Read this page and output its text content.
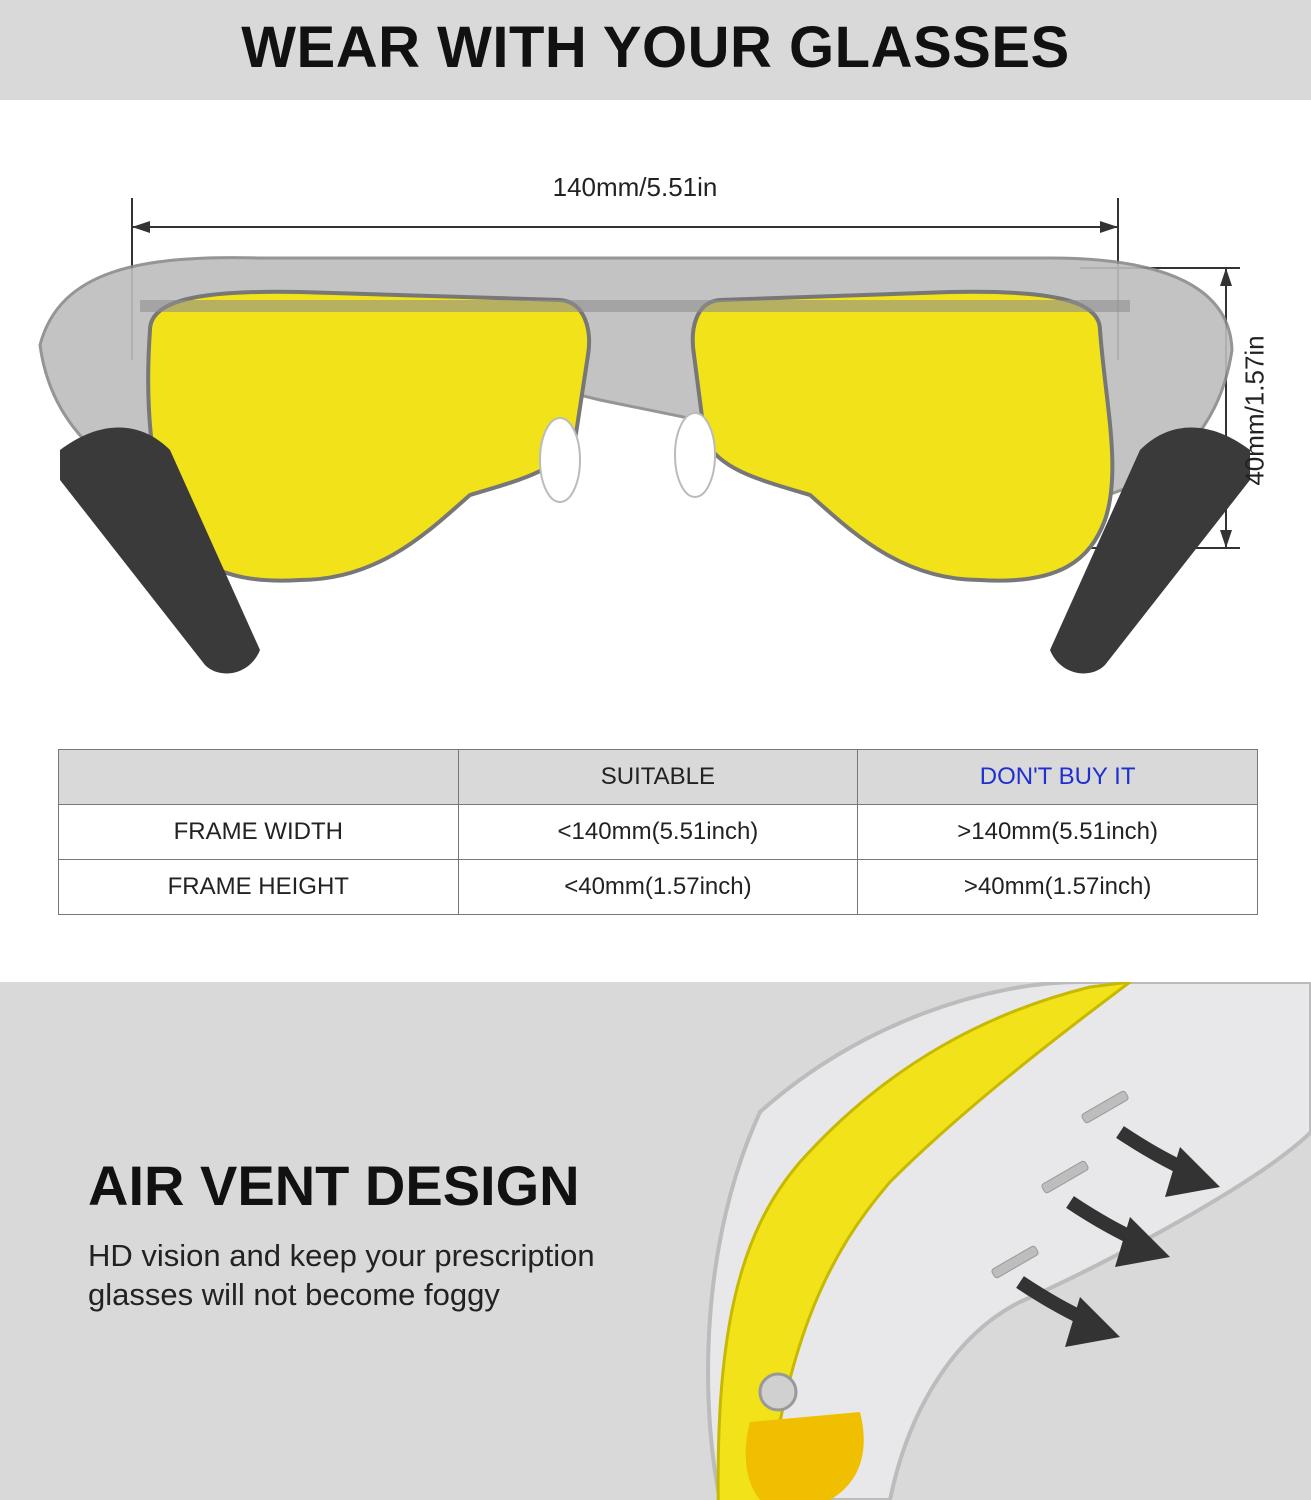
WEAR WITH YOUR GLASSES
140mm/5.51in
40mm/1.57in
	SUITABLE	DON'T BUY IT
FRAME WIDTH	<140mm(5.51inch)	>140mm(5.51inch)
FRAME HEIGHT	<40mm(1.57inch)	>40mm(1.57inch)
AIR VENT DESIGN
HD vision and keep your prescription glasses will not become foggy
